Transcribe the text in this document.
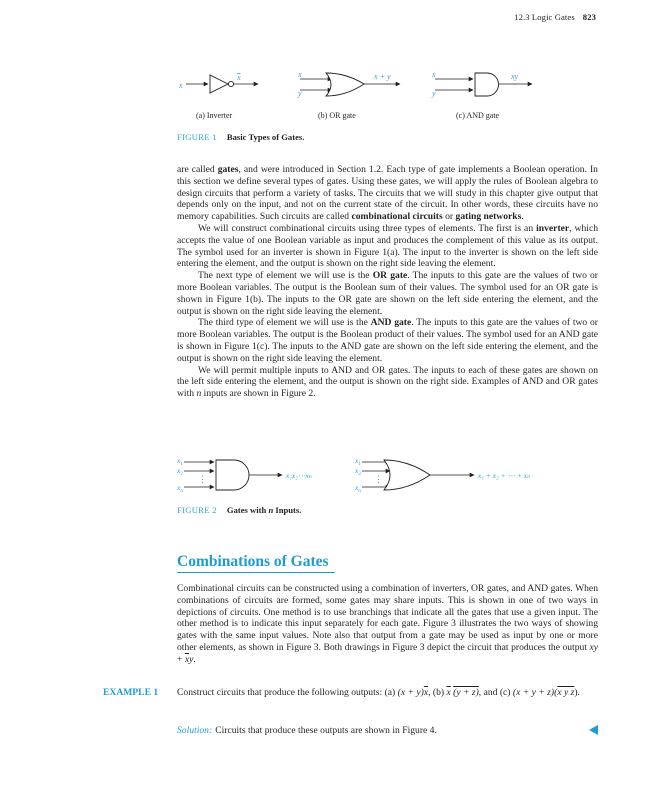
12.3 Logic Gates 823
x
x	x
y
x + y	x
y
xy
(a) Inverter	(b) OR gate	(c) AND gate
FIGURE 1 Basic Types of Gates.

are called gates, and were introduced in Section 1.2. Each type of gate implements a Boolean operation. In this section we define several types of gates. Using these gates, we will apply the rules of Boolean algebra to design circuits that perform a variety of tasks. The circuits that we will study in this chapter give output that depends only on the input, and not on the current state of the circuit. In other words, these circuits have no memory capabilities. Such circuits are called combinational circuits or gating networks.

We will construct combinational circuits using three types of elements. The first is an inverter, which accepts the value of one Boolean variable as input and produces the complement of this value as its output. The symbol used for an inverter is shown in Figure 1(a). The input to the inverter is shown on the left side entering the element, and the output is shown on the right side leaving the element.

The next type of element we will use is the OR gate. The inputs to this gate are the values of two or more Boolean variables. The output is the Boolean sum of their values. The symbol used for an OR gate is shown in Figure 1(b). The inputs to the OR gate are shown on the left side entering the element, and the output is shown on the right side leaving the element.

The third type of element we will use is the AND gate. The inputs to this gate are the values of two or more Boolean variables. The output is the Boolean product of their values. The symbol used for an AND gate is shown in Figure 1(c). The inputs to the AND gate are shown on the left side entering the element, and the output is shown on the right side leaving the element.

We will permit multiple inputs to AND and OR gates. The inputs to each of these gates are shown on the left side entering the element, and the output is shown on the right side. Examples of AND and OR gates with n inputs are shown in Figure 2.

$x_1$
$x_2$
$x_n$
⋮	x₁x₂⋯xₙ
$x_1$
$x_2$
$x_n$
⋮	x₁ + x₂ + ⋯ + xₙ
FIGURE 2 Gates with n Inputs.
Combinations of Gates

Combinational circuits can be constructed using a combination of inverters, OR gates, and AND gates. When combinations of circuits are formed, some gates may share inputs. This is shown in one of two ways in depictions of circuits. One method is to use branchings that indicate all the gates that use a given input. The other method is to indicate this input separately for each gate. Figure 3 illustrates the two ways of showing gates with the same input values. Note also that output from a gate may be used as input by one or more other elements, as shown in Figure 3. Both drawings in Figure 3 depict the circuit that produces the output xy + $\overline{x}y$.

EXAMPLE 1 Construct circuits that produce the following outputs: (a) $(x + y)\overline{x}$, (b) $\overline{x}$ (y + z), and (c) (x + y + z)(x y z).

Solution: Circuits that produce these outputs are shown in Figure 4.
